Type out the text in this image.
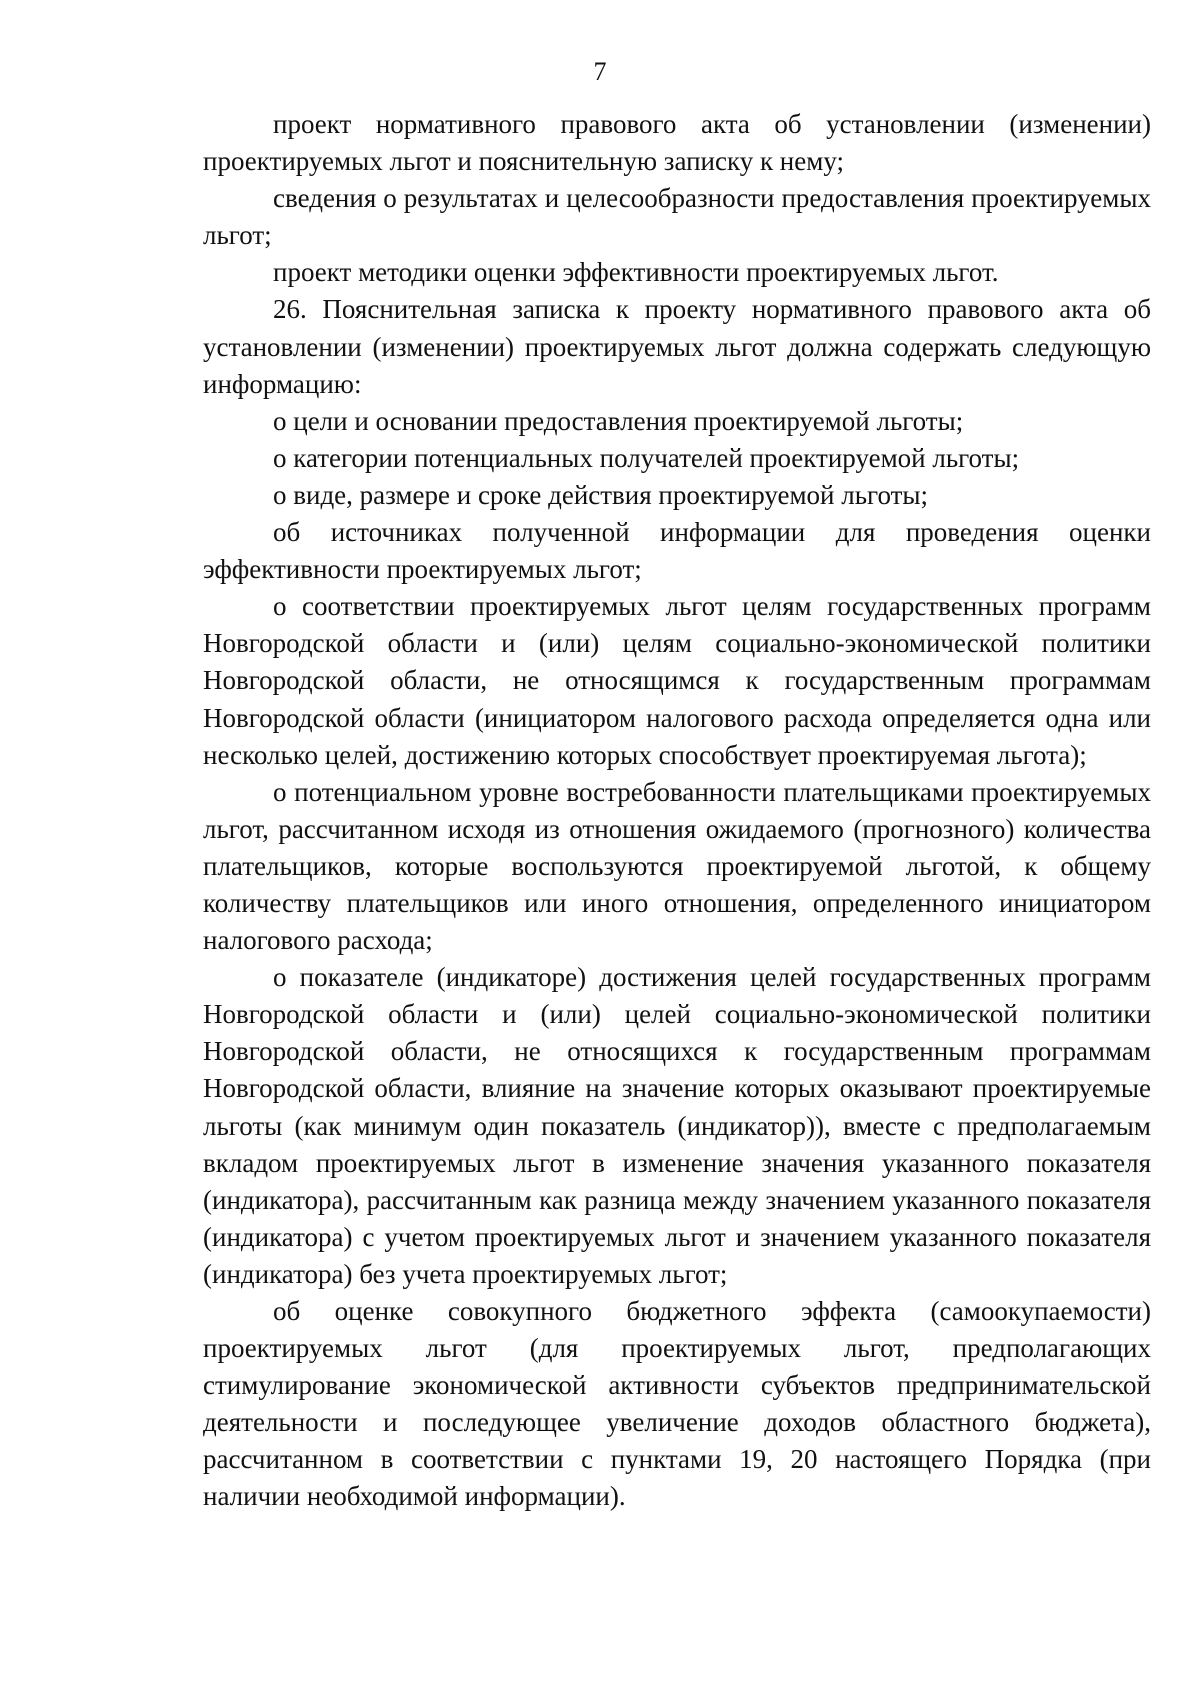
7

проект нормативного правового акта об установлении (изменении) проектируемых льгот и пояснительную записку к нему;

сведения о результатах и целесообразности предоставления проектируемых льгот;

проект методики оценки эффективности проектируемых льгот.

26. Пояснительная записка к проекту нормативного правового акта об установлении (изменении) проектируемых льгот должна содержать следующую информацию:

о цели и основании предоставления проектируемой льготы;

о категории потенциальных получателей проектируемой льготы;

о виде, размере и сроке действия проектируемой льготы;

об источниках полученной информации для проведения оценки эффективности проектируемых льгот;

о соответствии проектируемых льгот целям государственных программ Новгородской области и (или) целям социально-экономической политики Новгородской области, не относящимся к государственным программам Новгородской области (инициатором налогового расхода определяется одна или несколько целей, достижению которых способствует проектируемая льгота);

о потенциальном уровне востребованности плательщиками проектируемых льгот, рассчитанном исходя из отношения ожидаемого (прогнозного) количества плательщиков, которые воспользуются проектируемой льготой, к общему количеству плательщиков или иного отношения, определенного инициатором налогового расхода;

о показателе (индикаторе) достижения целей государственных программ Новгородской области и (или) целей социально-экономической политики Новгородской области, не относящихся к государственным программам Новгородской области, влияние на значение которых оказывают проектируемые льготы (как минимум один показатель (индикатор)), вместе с предполагаемым вкладом проектируемых льгот в изменение значения указанного показателя (индикатора), рассчитанным как разница между значением указанного показателя (индикатора) с учетом проектируемых льгот и значением указанного показателя (индикатора) без учета проектируемых льгот;

об оценке совокупного бюджетного эффекта (самоокупаемости) проектируемых льгот (для проектируемых льгот, предполагающих стимулирование экономической активности субъектов предпринимательской деятельности и последующее увеличение доходов областного бюджета), рассчитанном в соответствии с пунктами 19, 20 настоящего Порядка (при наличии необходимой информации).
